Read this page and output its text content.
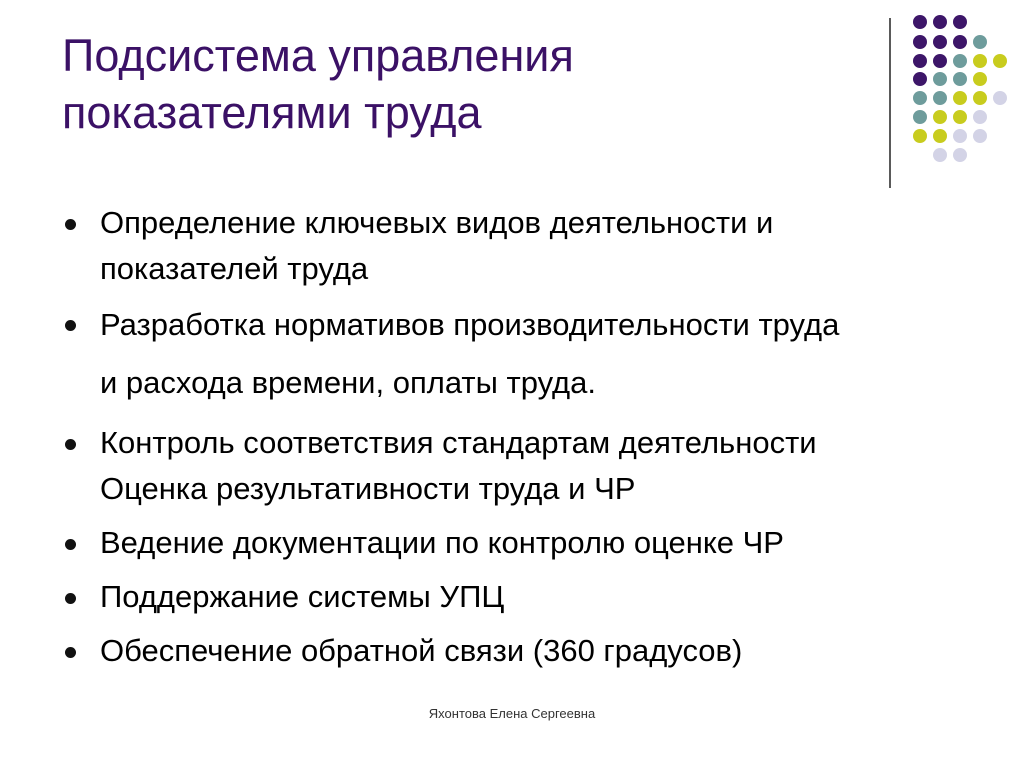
Подсистема управления
показателями труда
Определение ключевых видов деятельности и
показателей труда
Разработка нормативов производительности труда
и расхода времени, оплаты труда.
Контроль соответствия стандартам деятельности
Оценка результативности труда и ЧР
Ведение документации по контролю оценке ЧР
Поддержание системы УПЦ
Обеспечение обратной связи (360 градусов)
Яхонтова Елена Сергеевна
